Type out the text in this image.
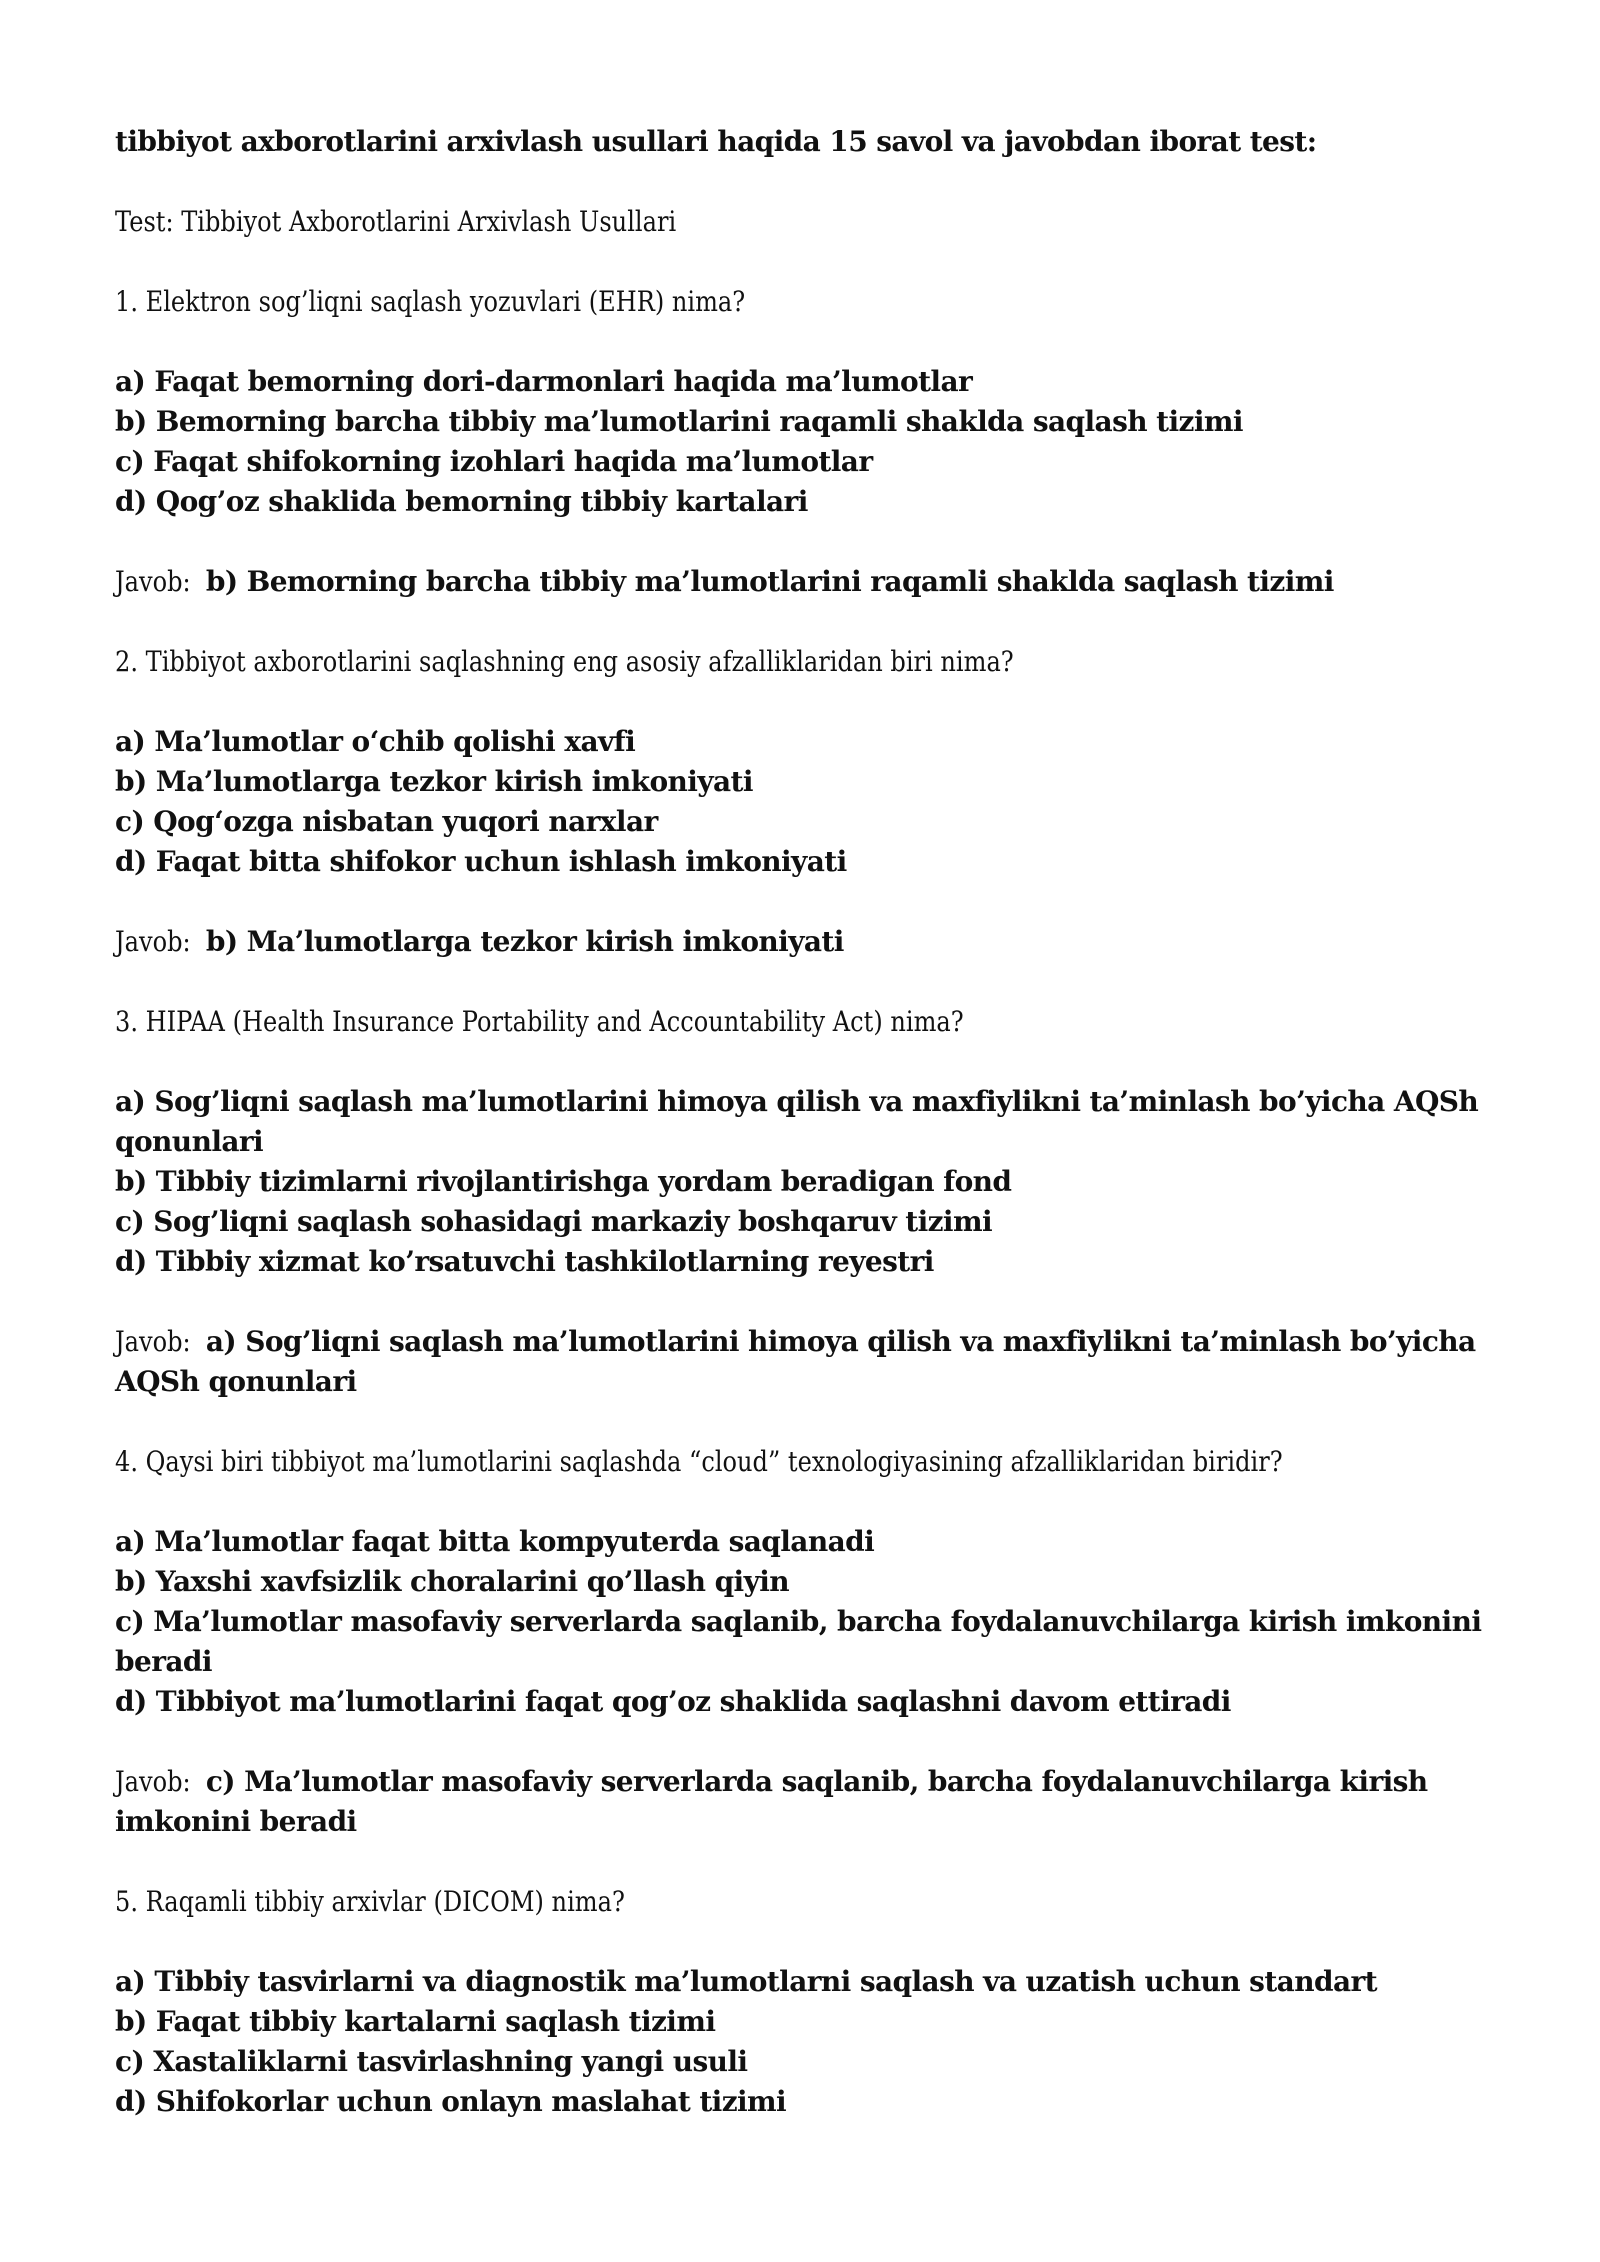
tibbiyot axborotlarini arxivlash usullari haqida 15 savol va javobdan iborat test:

Test: Tibbiyot Axborotlarini Arxivlash Usullari

1. Elektron sog’liqni saqlash yozuvlari (EHR) nima?

a) Faqat bemorning dori-darmonlari haqida ma’lumotlar
b) Bemorning barcha tibbiy ma’lumotlarini raqamli shaklda saqlash tizimi
c) Faqat shifokorning izohlari haqida ma’lumotlar
d) Qog’oz shaklida bemorning tibbiy kartalari

Javob: b) Bemorning barcha tibbiy ma’lumotlarini raqamli shaklda saqlash tizimi

2. Tibbiyot axborotlarini saqlashning eng asosiy afzalliklaridan biri nima?

a) Ma’lumotlar o‘chib qolishi xavfi
b) Ma’lumotlarga tezkor kirish imkoniyati
c) Qog‘ozga nisbatan yuqori narxlar
d) Faqat bitta shifokor uchun ishlash imkoniyati

Javob: b) Ma’lumotlarga tezkor kirish imkoniyati

3. HIPAA (Health Insurance Portability and Accountability Act) nima?

a) Sog’liqni saqlash ma’lumotlarini himoya qilish va maxfiylikni ta’minlash bo’yicha AQSh qonunlari
b) Tibbiy tizimlarni rivojlantirishga yordam beradigan fond
c) Sog’liqni saqlash sohasidagi markaziy boshqaruv tizimi
d) Tibbiy xizmat ko’rsatuvchi tashkilotlarning reyestri

Javob: a) Sog’liqni saqlash ma’lumotlarini himoya qilish va maxfiylikni ta’minlash bo’yicha AQSh qonunlari

4. Qaysi biri tibbiyot ma’lumotlarini saqlashda “cloud” texnologiyasining afzalliklaridan biridir?

a) Ma’lumotlar faqat bitta kompyuterda saqlanadi
b) Yaxshi xavfsizlik choralarini qo’llash qiyin
c) Ma’lumotlar masofaviy serverlarda saqlanib, barcha foydalanuvchilarga kirish imkonini beradi
d) Tibbiyot ma’lumotlarini faqat qog’oz shaklida saqlashni davom ettiradi

Javob: c) Ma’lumotlar masofaviy serverlarda saqlanib, barcha foydalanuvchilarga kirish imkonini beradi

5. Raqamli tibbiy arxivlar (DICOM) nima?

a) Tibbiy tasvirlarni va diagnostik ma’lumotlarni saqlash va uzatish uchun standart
b) Faqat tibbiy kartalarni saqlash tizimi
c) Xastaliklarni tasvirlashning yangi usuli
d) Shifokorlar uchun onlayn maslahat tizimi
